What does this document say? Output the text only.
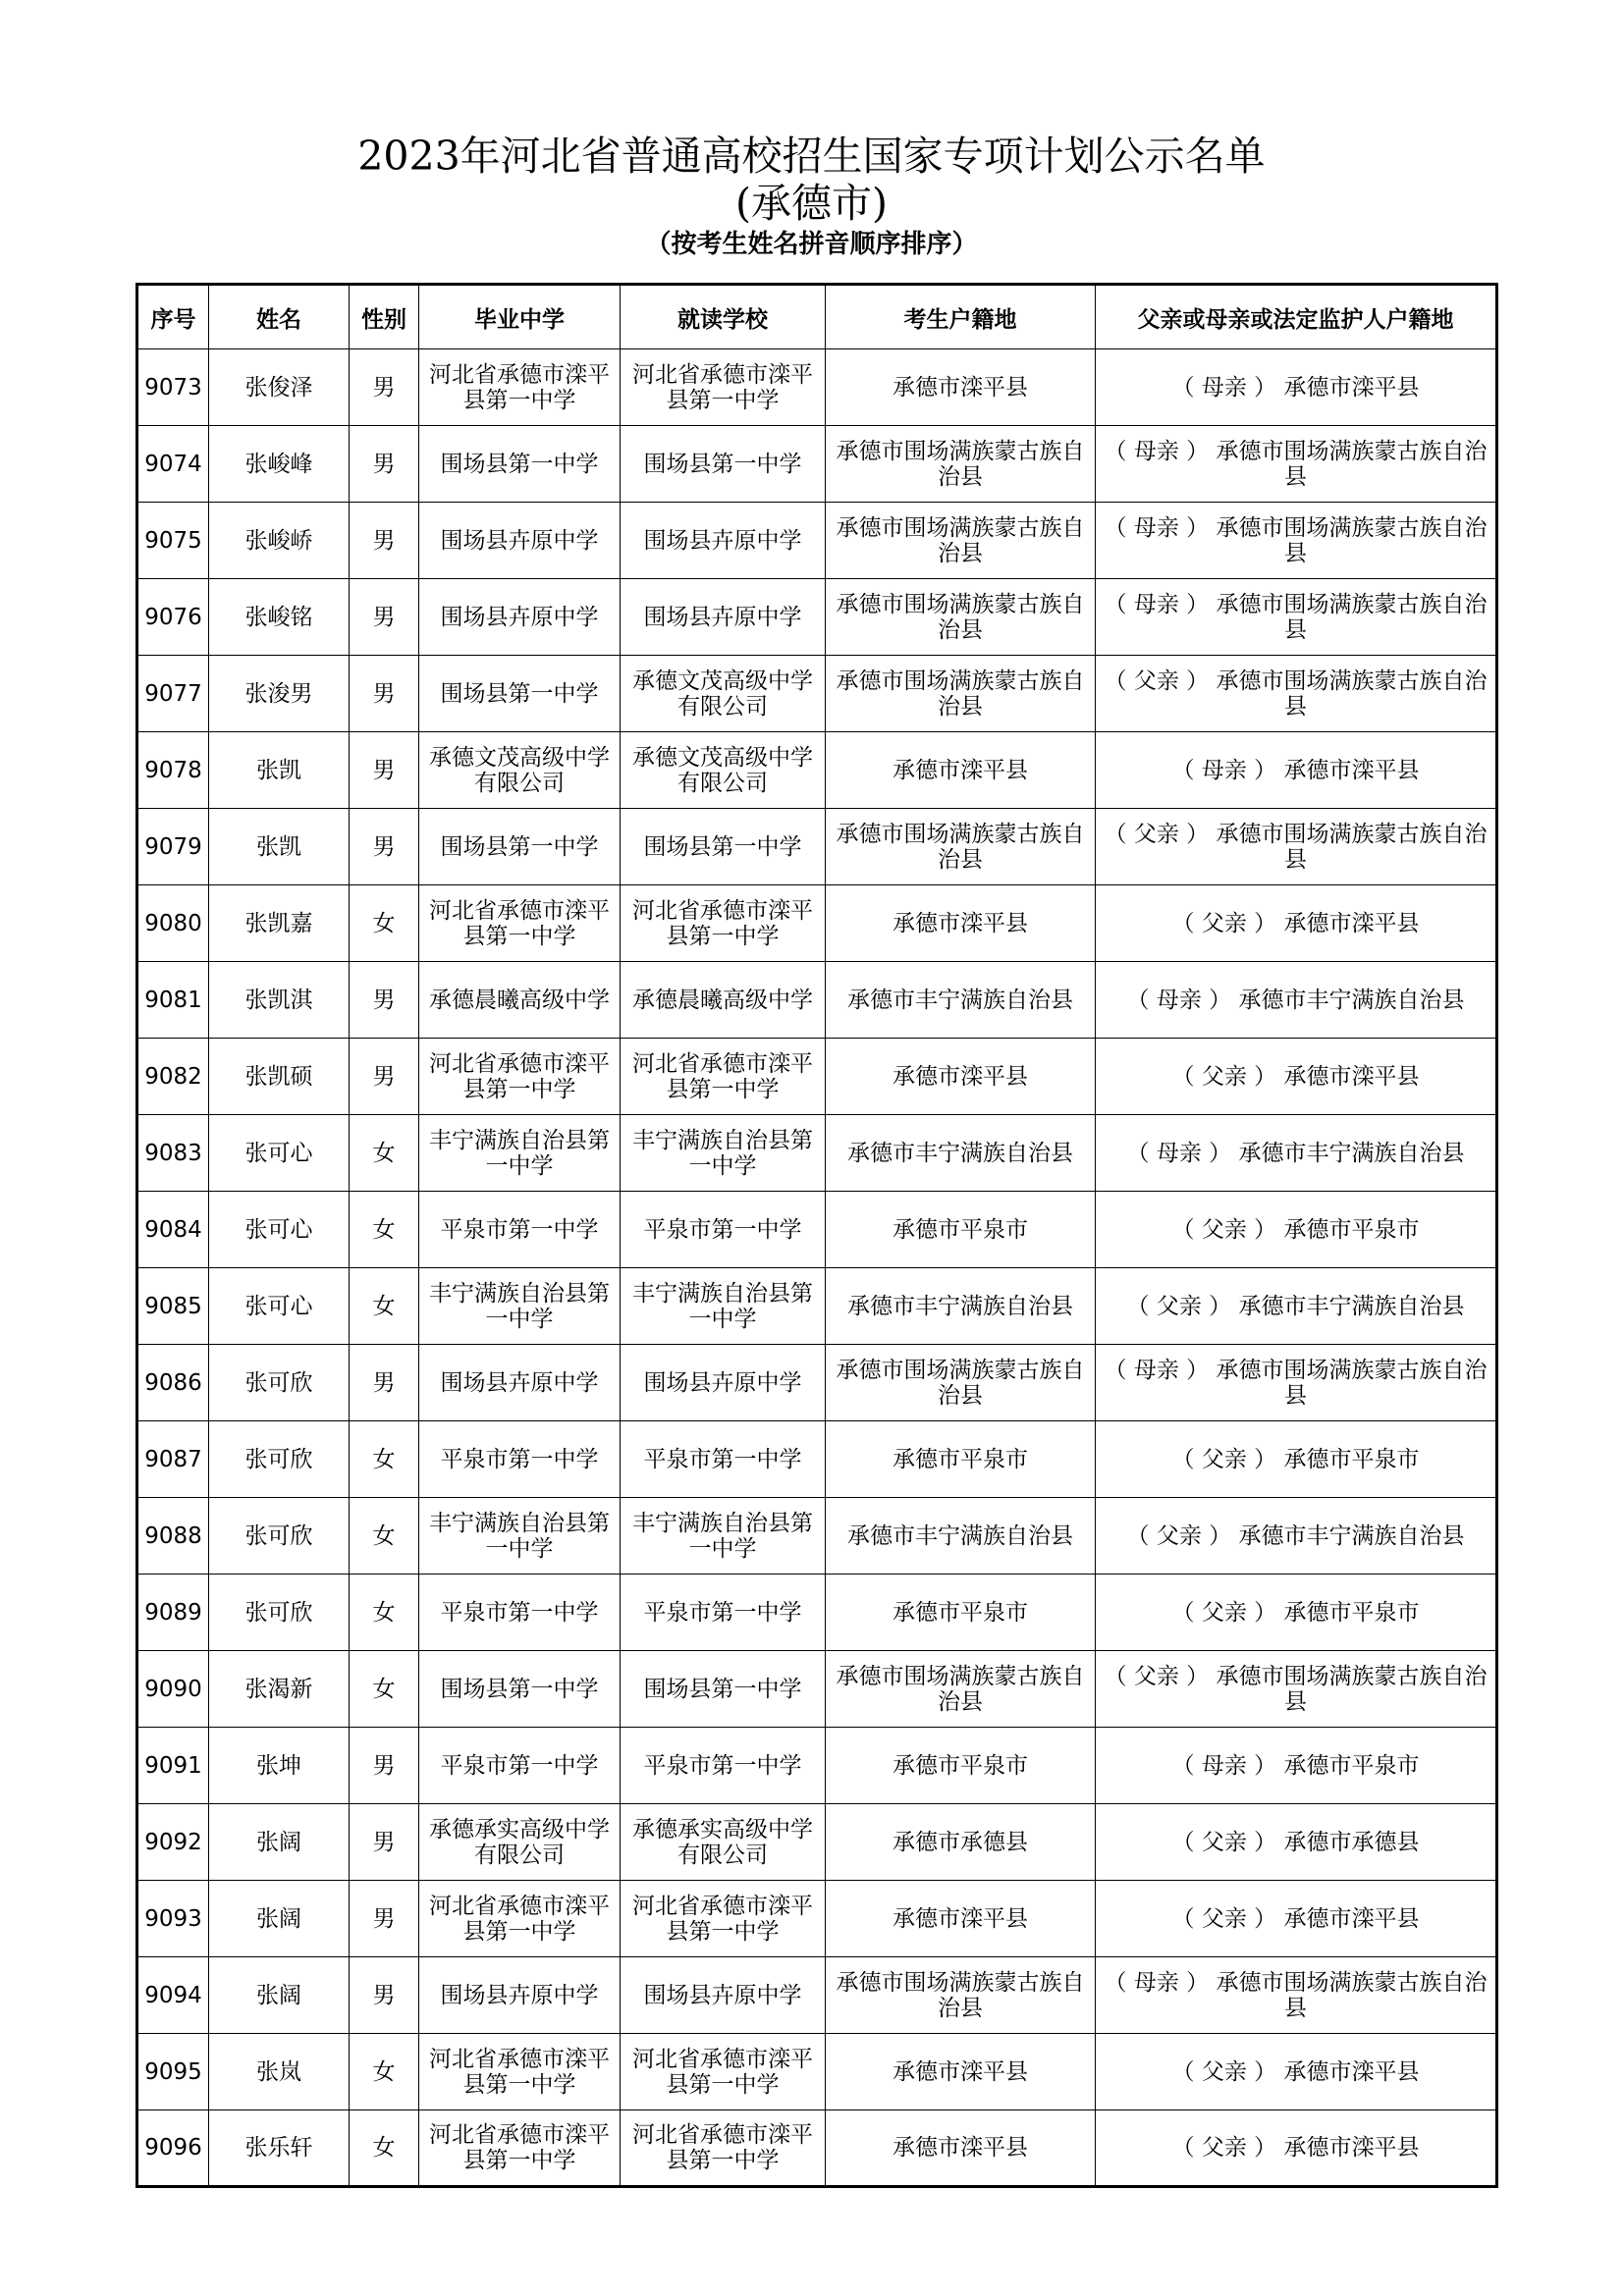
2023年河北省普通高校招生国家专项计划公示名单
(承德市)
（按考生姓名拼音顺序排序）
序号	姓名	性别	毕业中学	就读学校	考生户籍地	父亲或母亲或法定监护人户籍地
9073	张俊泽	男	河北省承德市滦平县第一中学	河北省承德市滦平县第一中学	承德市滦平县	（ 母亲 ） 承德市滦平县
9074	张峻峰	男	围场县第一中学	围场县第一中学	承德市围场满族蒙古族自治县	（ 母亲 ） 承德市围场满族蒙古族自治县
9075	张峻峤	男	围场县卉原中学	围场县卉原中学	承德市围场满族蒙古族自治县	（ 母亲 ） 承德市围场满族蒙古族自治县
9076	张峻铭	男	围场县卉原中学	围场县卉原中学	承德市围场满族蒙古族自治县	（ 母亲 ） 承德市围场满族蒙古族自治县
9077	张浚男	男	围场县第一中学	承德文茂高级中学有限公司	承德市围场满族蒙古族自治县	（ 父亲 ） 承德市围场满族蒙古族自治县
9078	张凯	男	承德文茂高级中学有限公司	承德文茂高级中学有限公司	承德市滦平县	（ 母亲 ） 承德市滦平县
9079	张凯	男	围场县第一中学	围场县第一中学	承德市围场满族蒙古族自治县	（ 父亲 ） 承德市围场满族蒙古族自治县
9080	张凯嘉	女	河北省承德市滦平县第一中学	河北省承德市滦平县第一中学	承德市滦平县	（ 父亲 ） 承德市滦平县
9081	张凯淇	男	承德晨曦高级中学	承德晨曦高级中学	承德市丰宁满族自治县	（ 母亲 ） 承德市丰宁满族自治县
9082	张凯硕	男	河北省承德市滦平县第一中学	河北省承德市滦平县第一中学	承德市滦平县	（ 父亲 ） 承德市滦平县
9083	张可心	女	丰宁满族自治县第一中学	丰宁满族自治县第一中学	承德市丰宁满族自治县	（ 母亲 ） 承德市丰宁满族自治县
9084	张可心	女	平泉市第一中学	平泉市第一中学	承德市平泉市	（ 父亲 ） 承德市平泉市
9085	张可心	女	丰宁满族自治县第一中学	丰宁满族自治县第一中学	承德市丰宁满族自治县	（ 父亲 ） 承德市丰宁满族自治县
9086	张可欣	男	围场县卉原中学	围场县卉原中学	承德市围场满族蒙古族自治县	（ 母亲 ） 承德市围场满族蒙古族自治县
9087	张可欣	女	平泉市第一中学	平泉市第一中学	承德市平泉市	（ 父亲 ） 承德市平泉市
9088	张可欣	女	丰宁满族自治县第一中学	丰宁满族自治县第一中学	承德市丰宁满族自治县	（ 父亲 ） 承德市丰宁满族自治县
9089	张可欣	女	平泉市第一中学	平泉市第一中学	承德市平泉市	（ 父亲 ） 承德市平泉市
9090	张渴新	女	围场县第一中学	围场县第一中学	承德市围场满族蒙古族自治县	（ 父亲 ） 承德市围场满族蒙古族自治县
9091	张坤	男	平泉市第一中学	平泉市第一中学	承德市平泉市	（ 母亲 ） 承德市平泉市
9092	张阔	男	承德承实高级中学有限公司	承德承实高级中学有限公司	承德市承德县	（ 父亲 ） 承德市承德县
9093	张阔	男	河北省承德市滦平县第一中学	河北省承德市滦平县第一中学	承德市滦平县	（ 父亲 ） 承德市滦平县
9094	张阔	男	围场县卉原中学	围场县卉原中学	承德市围场满族蒙古族自治县	（ 母亲 ） 承德市围场满族蒙古族自治县
9095	张岚	女	河北省承德市滦平县第一中学	河北省承德市滦平县第一中学	承德市滦平县	（ 父亲 ） 承德市滦平县
9096	张乐轩	女	河北省承德市滦平县第一中学	河北省承德市滦平县第一中学	承德市滦平县	（ 父亲 ） 承德市滦平县
